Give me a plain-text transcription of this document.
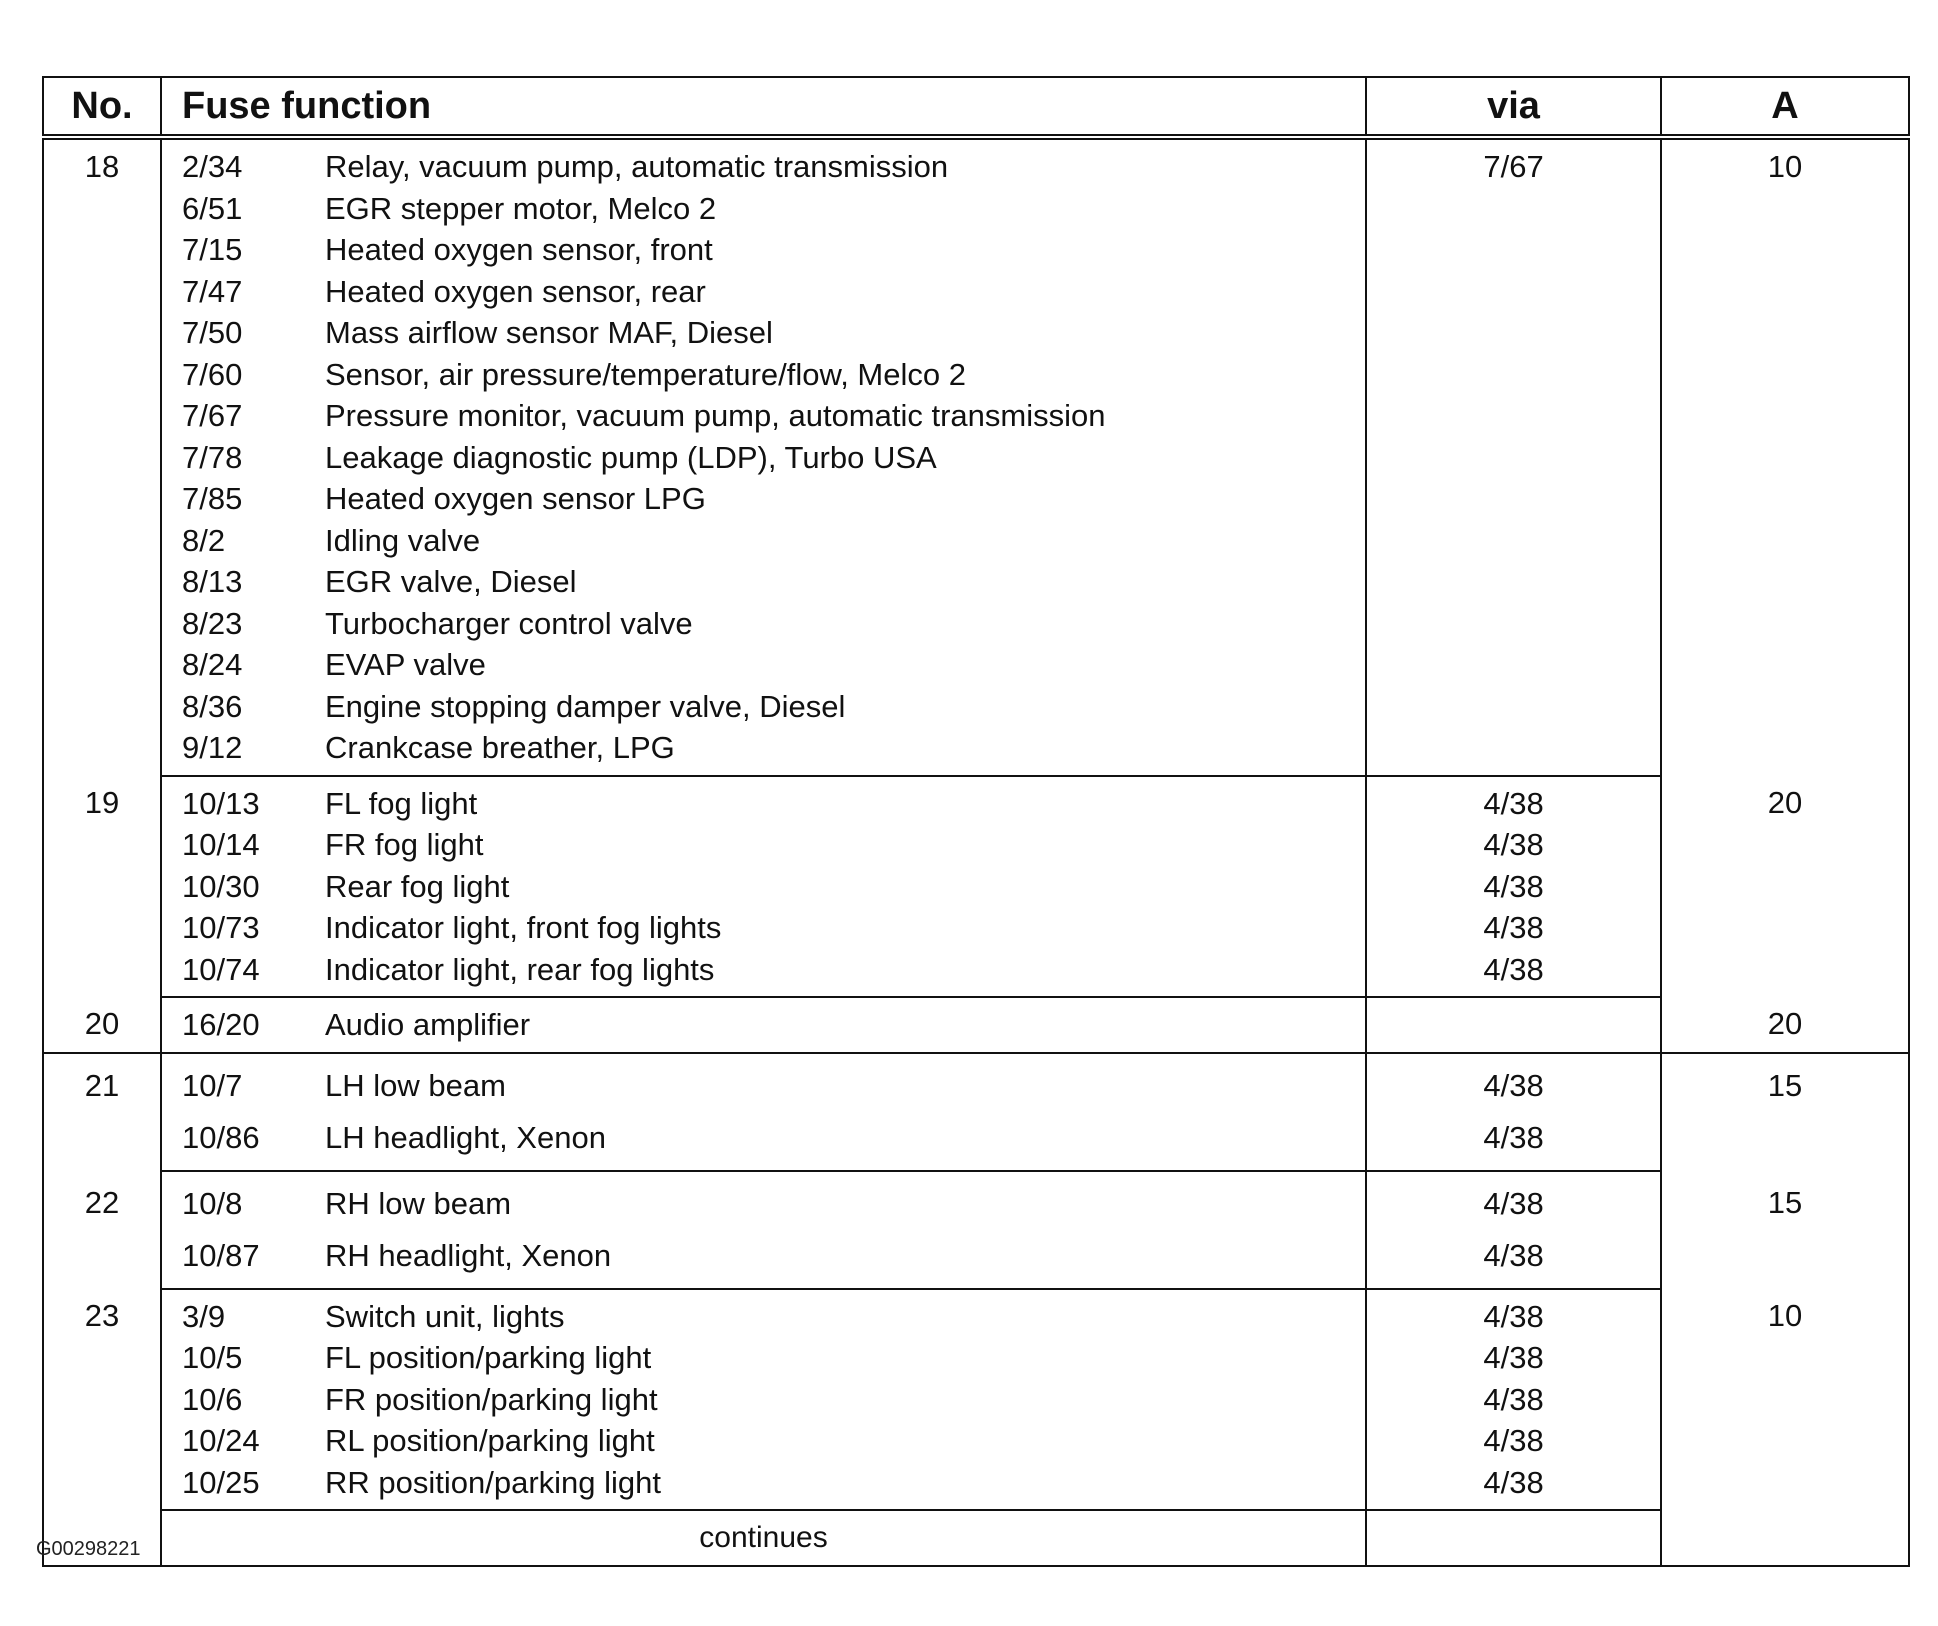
No.	Fuse function		via	A
18	2/34	Relay, vacuum pump, automatic transmission	7/67	10
	6/51	EGR stepper motor, Melco 2		
	7/15	Heated oxygen sensor, front		
	7/47	Heated oxygen sensor, rear		
	7/50	Mass airflow sensor MAF, Diesel		
	7/60	Sensor, air pressure/temperature/flow, Melco 2		
	7/67	Pressure monitor, vacuum pump, automatic transmission		
	7/78	Leakage diagnostic pump (LDP), Turbo USA		
	7/85	Heated oxygen sensor LPG		
	8/2	Idling valve		
	8/13	EGR valve, Diesel		
	8/23	Turbocharger control valve		
	8/24	EVAP valve		
	8/36	Engine stopping damper valve, Diesel		
	9/12	Crankcase breather, LPG		
19	10/13	FL fog light	4/38	20
	10/14	FR fog light	4/38	
	10/30	Rear fog light	4/38	
	10/73	Indicator light, front fog lights	4/38	
	10/74	Indicator light, rear fog lights	4/38	
20	16/20	Audio amplifier		20
21	10/7	LH low beam	4/38	15
	10/86	LH headlight, Xenon	4/38	
22	10/8	RH low beam	4/38	15
	10/87	RH headlight, Xenon	4/38	
23	3/9	Switch unit, lights	4/38	10
	10/5	FL position/parking light	4/38	
	10/6	FR position/parking light	4/38	
	10/24	RL position/parking light	4/38	
	10/25	RR position/parking light	4/38	
	continues			
G00298221
